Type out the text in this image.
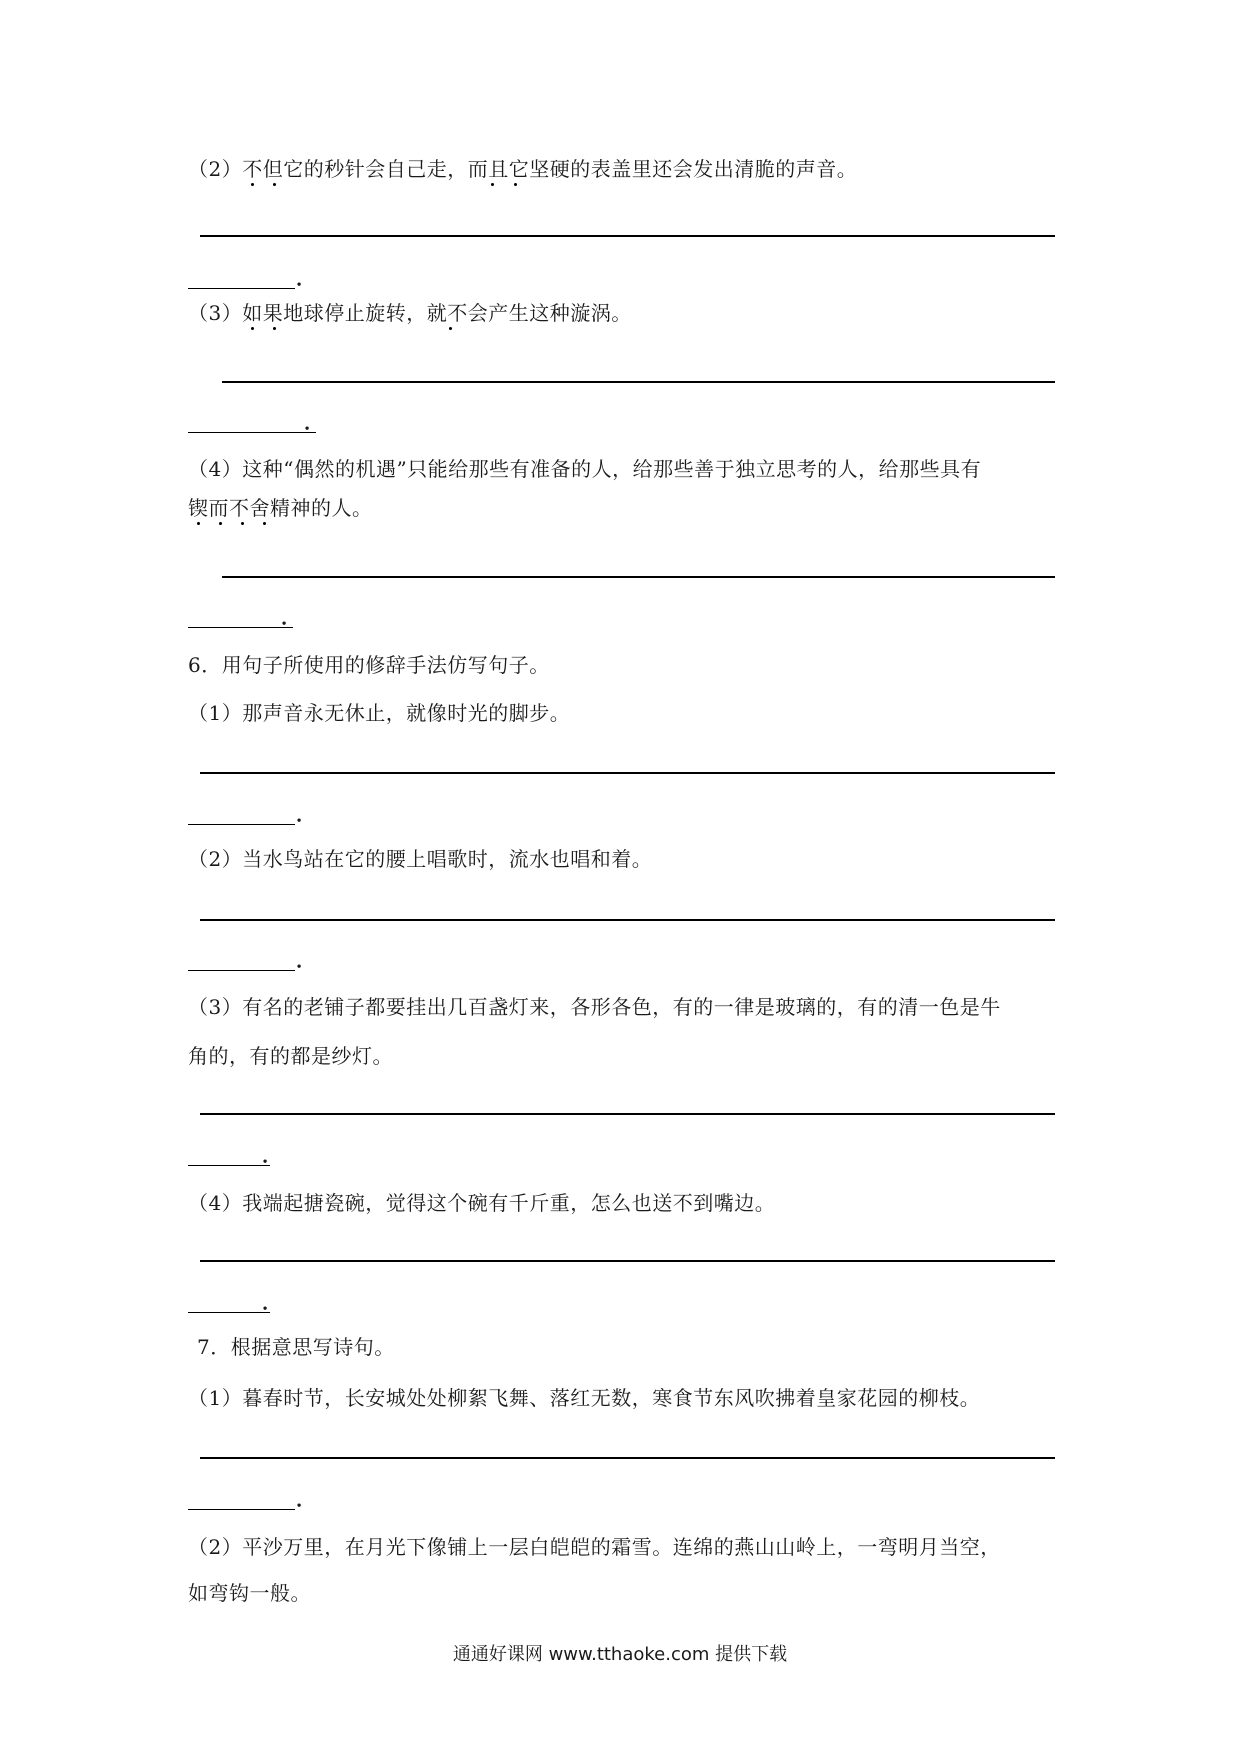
（2）不但它的秒针会自己走，而且它坚硬的表盖里还会发出清脆的声音。
．
（3）如果地球停止旋转，就不会产生这种漩涡。
．
（4）这种“偶然的机遇”只能给那些有准备的人，给那些善于独立思考的人，给那些具有
锲而不舍精神的人。
．
6．用句子所使用的修辞手法仿写句子。
（1）那声音永无休止，就像时光的脚步。
．
（2）当水鸟站在它的腰上唱歌时，流水也唱和着。
．
（3）有名的老铺子都要挂出几百盏灯来，各形各色，有的一律是玻璃的，有的清一色是牛
角的，有的都是纱灯。
．
（4）我端起搪瓷碗，觉得这个碗有千斤重，怎么也送不到嘴边。
．
7．根据意思写诗句。
（1）暮春时节，长安城处处柳絮飞舞、落红无数，寒食节东风吹拂着皇家花园的柳枝。
．
（2）平沙万里，在月光下像铺上一层白皑皑的霜雪。连绵的燕山山岭上，一弯明月当空，
如弯钩一般。
通通好课网 www.tthaoke.com 提供下载
